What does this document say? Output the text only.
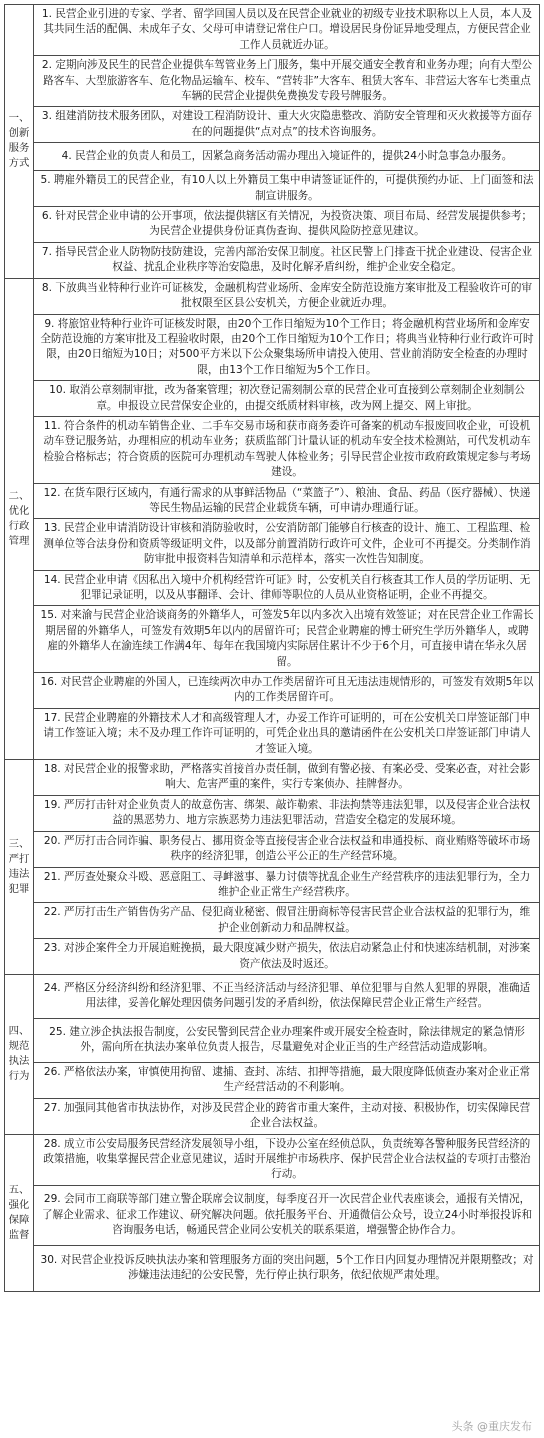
一、创新服务方式	1. 民营企业引进的专家、学者、留学回国人员以及在民营企业就业的初级专业技术职称以上人员，本人及其共同生活的配偶、未成年子女、父母可申请登记常住户口。增设居民身份证异地受理点，方便民营企业工作人员就近办证。
	2. 定期向涉及民生的民营企业提供车驾管业务上门服务，集中开展交通安全教育和业务办理；向有大型公路客车、大型旅游客车、危化物品运输车、校车、“营转非”大客车、租赁大客车、非营运大客车七类重点车辆的民营企业提供免费换发专段号牌服务。
	3. 组建消防技术服务团队，对建设工程消防设计、重大火灾隐患整改、消防安全管理和灭火救援等方面存在的问题提供“点对点”的技术咨询服务。
	4. 民营企业的负责人和员工，因紧急商务活动需办理出入境证件的，提供24小时急事急办服务。
	5. 聘雇外籍员工的民营企业，有10人以上外籍员工集中申请签证证件的，可提供预约办证、上门面签和法制宣讲服务。
	6. 针对民营企业申请的公开事项，依法提供辖区有关情况，为投资决策、项目布局、经营发展提供参考；为民营企业提供身份证真伪查询、提供风险防控意见建议。
	7. 指导民营企业人防物防技防建设，完善内部治安保卫制度。社区民警上门排查干扰企业建设、侵害企业权益、扰乱企业秩序等治安隐患，及时化解矛盾纠纷，维护企业安全稳定。
二、优化行政管理	8. 下放典当业特种行业许可证核发，金融机构营业场所、金库安全防范设施方案审批及工程验收许可的审批权限至区县公安机关，方便企业就近办理。
	9. 将旅馆业特种行业许可证核发时限，由20个工作日缩短为10个工作日；将金融机构营业场所和金库安全防范设施的方案审批及工程验收时限，由20个工作日缩短为10个工作日；将典当业特种行业行政许可时限，由20日缩短为10日；对500平方米以下公众聚集场所申请投入使用、营业前消防安全检查的办理时限，由13个工作日缩短为5个工作日。
	10. 取消公章刻制审批，改为备案管理；初次登记需刻制公章的民营企业可直接到公章刻制企业刻制公章。申报设立民营保安企业的，由提交纸质材料审核，改为网上提交、网上审批。
	11. 符合条件的机动车销售企业、二手车交易市场和获市商务委许可备案的机动车报废回收企业，可设机动车登记服务站，办理相应的机动车业务；获质监部门计量认证的机动车安全技术检测站，可代发机动车检验合格标志；符合资质的医院可办理机动车驾驶人体检业务；引导民营企业按市政府政策规定参与考场建设。
	12. 在货车限行区域内，有通行需求的从事鲜活物品（“菜篮子”）、粮油、食品、药品（医疗器械）、快递等民生物品运输的民营企业载货车辆，可申请办理通行证。
	13. 民营企业申请消防设计审核和消防验收时，公安消防部门能够自行核查的设计、施工、工程监理、检测单位等合法身份和资质等级证明文件，以及部分前置消防行政许可文件，企业可不再提交。分类制作消防审批申报资料告知清单和示范样本，落实一次性告知制度。
	14. 民营企业申请《因私出入境中介机构经营许可证》时，公安机关自行核查其工作人员的学历证明、无犯罪记录证明，以及从事翻译、会计、律师等职位的人员从业资格证明，企业不再提交。
	15. 对来渝与民营企业洽谈商务的外籍华人，可签发5年以内多次入出境有效签证；对在民营企业工作需长期居留的外籍华人，可签发有效期5年以内的居留许可；民营企业聘雇的博士研究生学历外籍华人，或聘雇的外籍华人在渝连续工作满4年、每年在我国境内实际居住累计不少于6个月，可直接申请在华永久居留。
	16. 对民营企业聘雇的外国人，已连续两次申办工作类居留许可且无违法违规情形的，可签发有效期5年以内的工作类居留许可。
	17. 民营企业聘雇的外籍技术人才和高级管理人才，办妥工作许可证明的，可在公安机关口岸签证部门申请工作签证入境；未不及办理工作许可证明的，可凭企业出具的邀请函件在公安机关口岸签证部门申请人才签证入境。
三、严打违法犯罪	18. 对民营企业的报警求助，严格落实首接首办责任制，做到有警必接、有案必受、受案必查，对社会影响大、危害严重的案件，实行专案侦办、挂牌督办。
	19. 严厉打击针对企业负责人的故意伤害、绑架、敲诈勒索、非法拘禁等违法犯罪，以及侵害企业合法权益的黑恶势力、地方宗族恶势力违法犯罪活动，营造安全稳定的发展环境。
	20. 严厉打击合同诈骗、职务侵占、挪用资金等直接侵害企业合法权益和串通投标、商业贿赂等破坏市场秩序的经济犯罪，创造公平公正的生产经营环境。
	21. 严厉查处聚众斗殴、恶意阻工、寻衅滋事、暴力讨债等扰乱企业生产经营秩序的违法犯罪行为，全力维护企业正常生产经营秩序。
	22. 严厉打击生产销售伪劣产品、侵犯商业秘密、假冒注册商标等侵害民营企业合法权益的犯罪行为，维护企业创新动力和品牌权益。
	23. 对涉企案件全力开展追赃挽损，最大限度减少财产损失，依法启动紧急止付和快速冻结机制，对涉案资产依法及时返还。
四、规范执法行为	24. 严格区分经济纠纷和经济犯罪、不正当经济活动与经济犯罪、单位犯罪与自然人犯罪的界限，准确适用法律，妥善化解处理因债务问题引发的矛盾纠纷，依法保障民营企业正常生产经营。
	25. 建立涉企执法报告制度，公安民警到民营企业办理案件或开展安全检查时，除法律规定的紧急情形外，需向所在执法办案单位负责人报告，尽量避免对企业正当的生产经营活动造成影响。
	26. 严格依法办案，审慎使用拘留、逮捕、查封、冻结、扣押等措施，最大限度降低侦查办案对企业正常生产经营活动的不利影响。
	27. 加强同其他省市执法协作，对涉及民营企业的跨省市重大案件，主动对接、积极协作，切实保障民营企业合法权益。
五、强化保障监督	28. 成立市公安局服务民营经济发展领导小组，下设办公室在经侦总队，负责统筹各警种服务民营经济的政策措施，收集掌握民营企业意见建议，适时开展维护市场秩序、保护民营企业合法权益的专项打击整治行动。
	29. 会同市工商联等部门建立警企联席会议制度，每季度召开一次民营企业代表座谈会，通报有关情况，了解企业需求、征求工作建议、研究解决问题。依托服务平台、开通微信公众号，设立24小时举报投诉和咨询服务电话，畅通民营企业同公安机关的联系渠道，增强警企协作合力。
	30. 对民营企业投诉反映执法办案和管理服务方面的突出问题，5个工作日内回复办理情况并限期整改；对涉嫌违法违纪的公安民警，先行停止执行职务，依纪依规严肃处理。
头条 @重庆发布
